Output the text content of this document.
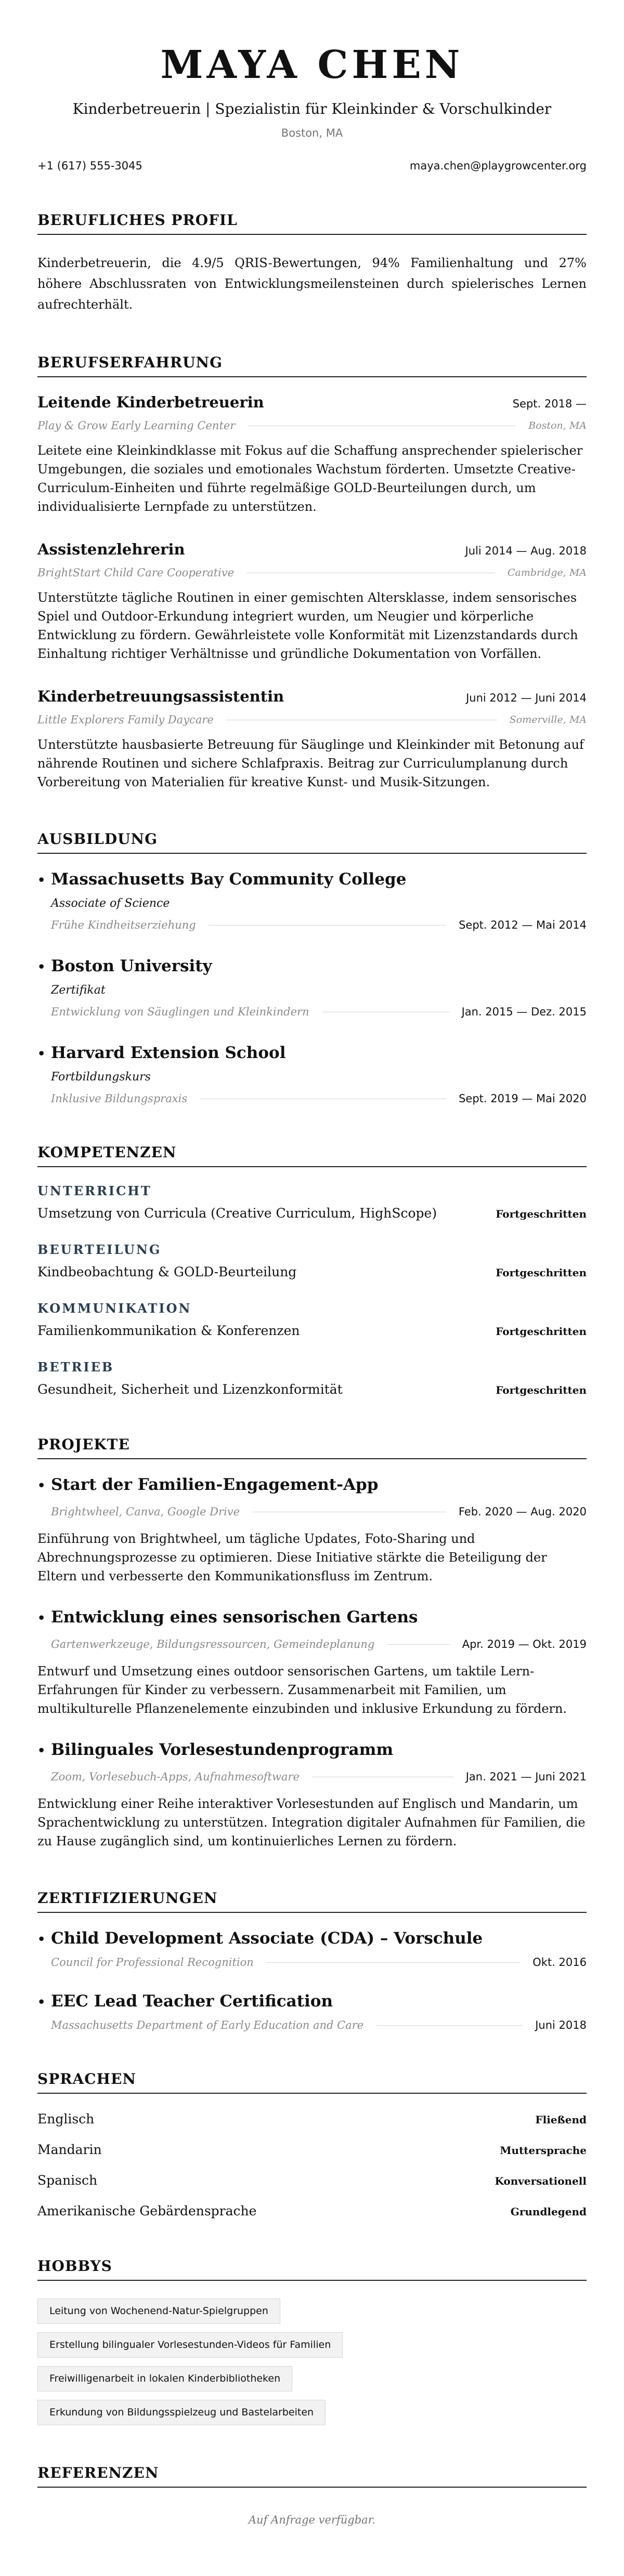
MAYA CHEN
Kinderbetreuerin | Spezialistin für Kleinkinder & Vorschulkinder
Boston, MA
+1 (617) 555-3045	maya.chen@playgrowcenter.org
BERUFLICHES PROFIL

Kinderbetreuerin, die 4.9/5 QRIS-Bewertungen, 94% Familienhaltung und 27% höhere Abschlussraten von Entwicklungsmeilensteinen durch spielerisches Lernen aufrechterhält.

BERUFSERFAHRUNG
Leitende Kinderbetreuerin	Sept. 2018 —
Play & Grow Early Learning Center	Boston, MA

Leitete eine Kleinkindklasse mit Fokus auf die Schaffung ansprechender spielerischer Umgebungen, die soziales und emotionales Wachstum förderten. Umsetzte Creative-Curriculum-Einheiten und führte regelmäßige GOLD-Beurteilungen durch, um individualisierte Lernpfade zu unterstützen.

Assistenzlehrerin	Juli 2014 — Aug. 2018
BrightStart Child Care Cooperative	Cambridge, MA

Unterstützte tägliche Routinen in einer gemischten Altersklasse, indem sensorisches Spiel und Outdoor-Erkundung integriert wurden, um Neugier und körperliche Entwicklung zu fördern. Gewährleistete volle Konformität mit Lizenzstandards durch Einhaltung richtiger Verhältnisse und gründliche Dokumentation von Vorfällen.

Kinderbetreuungsassistentin	Juni 2012 — Juni 2014
Little Explorers Family Daycare	Somerville, MA

Unterstützte hausbasierte Betreuung für Säuglinge und Kleinkinder mit Betonung auf nährende Routinen und sichere Schlafpraxis. Beitrag zur Curriculumplanung durch Vorbereitung von Materialien für kreative Kunst- und Musik-Sitzungen.

AUSBILDUNG
• Massachusetts Bay Community College
Associate of Science
Frühe Kindheitserziehung	Sept. 2012 — Mai 2014
• Boston University
Zertifikat
Entwicklung von Säuglingen und Kleinkindern	Jan. 2015 — Dez. 2015
• Harvard Extension School
Fortbildungskurs
Inklusive Bildungspraxis	Sept. 2019 — Mai 2020
KOMPETENZEN
UNTERRICHT
Umsetzung von Curricula (Creative Curriculum, HighScope)	Fortgeschritten
BEURTEILUNG
Kindbeobachtung & GOLD-Beurteilung	Fortgeschritten
KOMMUNIKATION
Familienkommunikation & Konferenzen	Fortgeschritten
BETRIEB
Gesundheit, Sicherheit und Lizenzkonformität	Fortgeschritten
PROJEKTE
• Start der Familien-Engagement-App
Brightwheel, Canva, Google Drive	Feb. 2020 — Aug. 2020

Einführung von Brightwheel, um tägliche Updates, Foto-Sharing und Abrechnungsprozesse zu optimieren. Diese Initiative stärkte die Beteiligung der Eltern und verbesserte den Kommunikationsfluss im Zentrum.

• Entwicklung eines sensorischen Gartens
Gartenwerkzeuge, Bildungsressourcen, Gemeindeplanung	Apr. 2019 — Okt. 2019

Entwurf und Umsetzung eines outdoor sensorischen Gartens, um taktile Lern-Erfahrungen für Kinder zu verbessern. Zusammenarbeit mit Familien, um multikulturelle Pflanzenelemente einzubinden und inklusive Erkundung zu fördern.

• Bilinguales Vorlesestundenprogramm
Zoom, Vorlesebuch-Apps, Aufnahmesoftware	Jan. 2021 — Juni 2021

Entwicklung einer Reihe interaktiver Vorlesestunden auf Englisch und Mandarin, um Sprachentwicklung zu unterstützen. Integration digitaler Aufnahmen für Familien, die zu Hause zugänglich sind, um kontinuierliches Lernen zu fördern.

ZERTIFIZIERUNGEN
• Child Development Associate (CDA) – Vorschule
Council for Professional Recognition	Okt. 2016
• EEC Lead Teacher Certification
Massachusetts Department of Early Education and Care	Juni 2018
SPRACHEN
Englisch	Fließend
Mandarin	Muttersprache
Spanisch	Konversationell
Amerikanische Gebärdensprache	Grundlegend
HOBBYS
Leitung von Wochenend-Natur-Spielgruppen
Erstellung bilingualer Vorlesestunden-Videos für Familien
Freiwilligenarbeit in lokalen Kinderbibliotheken
Erkundung von Bildungsspielzeug und Bastelarbeiten
REFERENZEN

Auf Anfrage verfügbar.
